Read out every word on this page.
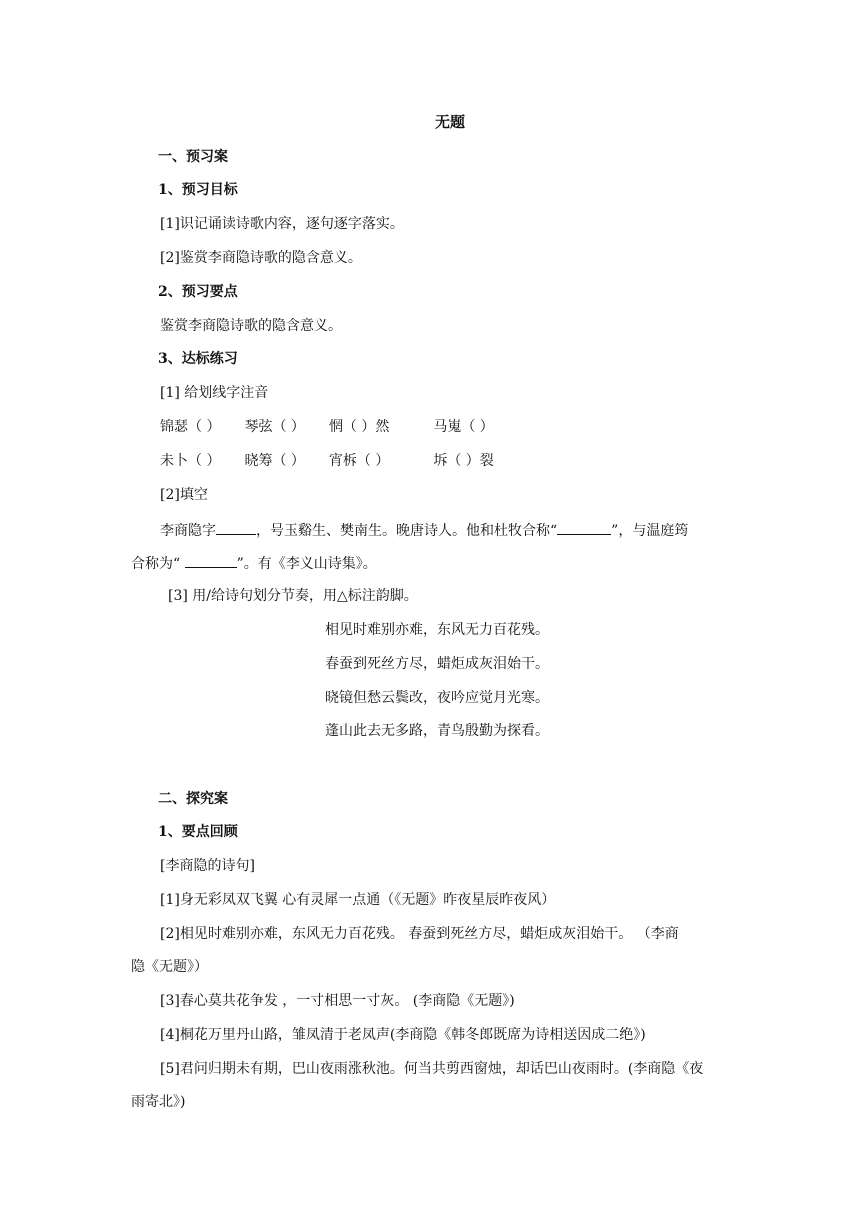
无题
一、预习案
1、预习目标
[1]识记诵读诗歌内容，逐句逐字落实。
[2]鉴赏李商隐诗歌的隐含意义。
2、预习要点
鉴赏李商隐诗歌的隐含意义。
3、达标练习
[1] 给划线字注音
锦瑟（ ） 琴弦（ ） 惘（ ）然	马嵬（ ）
未卜（ ） 晓筹（ ） 宵柝（ ）	坼（ ）裂
[2]填空
李商隐字	，号玉谿生、樊南生。晚唐诗人。他和杜牧合称“	”，与温庭筠
合称为“	”。有《李义山诗集》。
[3] 用/给诗句划分节奏，用△标注韵脚。
相见时难别亦难，东风无力百花残。
春蚕到死丝方尽，蜡炬成灰泪始干。
晓镜但愁云鬓改，夜吟应觉月光寒。
蓬山此去无多路，青鸟殷勤为探看。
二、探究案
1、要点回顾
[李商隐的诗句]
[1]身无彩凤双飞翼 心有灵犀一点通（《无题》昨夜星辰昨夜风）
[2]相见时难别亦难，东风无力百花残。 春蚕到死丝方尽，蜡炬成灰泪始干。 （李商
隐《无题》）
[3]春心莫共花争发 ，一寸相思一寸灰。 (李商隐《无题》)
[4]桐花万里丹山路，雏凤清于老凤声(李商隐《韩冬郎既席为诗相送因成二绝》)
[5]君问归期未有期，巴山夜雨涨秋池。何当共剪西窗烛，却话巴山夜雨时。(李商隐《夜
雨寄北》)
